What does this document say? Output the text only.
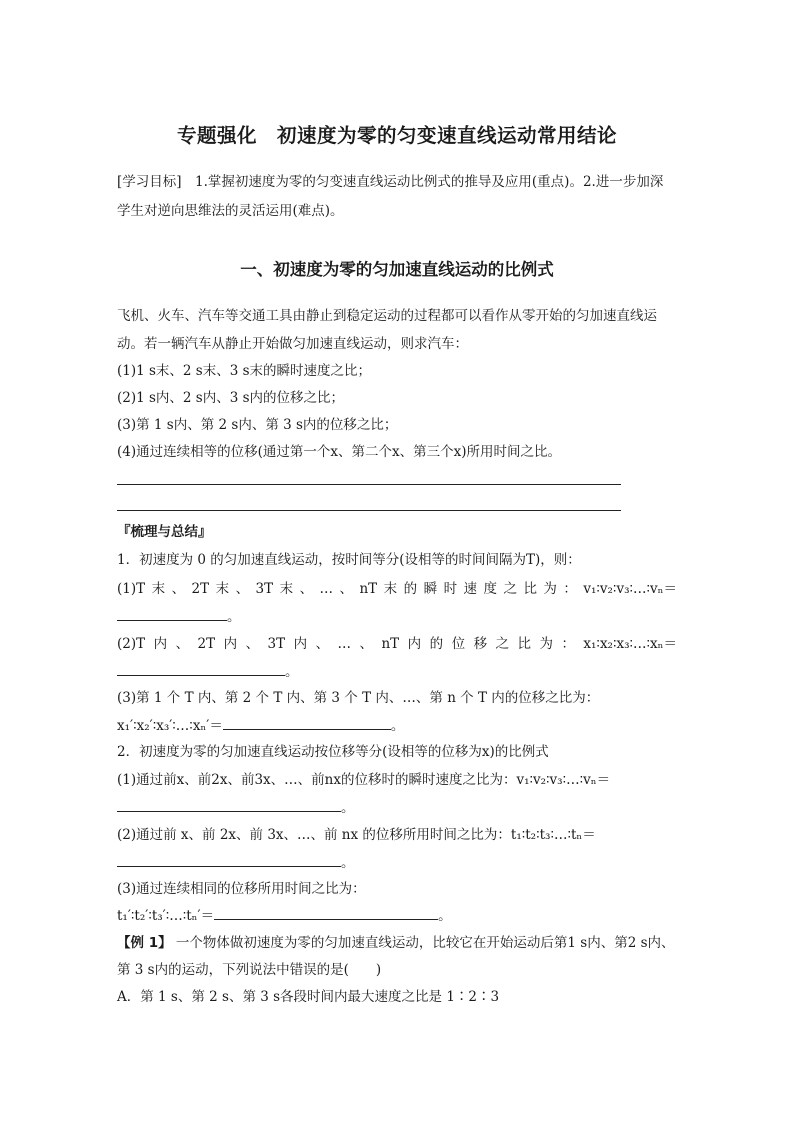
专题强化　初速度为零的匀变速直线运动常用结论
[学习目标]　1.掌握初速度为零的匀变速直线运动比例式的推导及应用(重点)。2.进一步加深
学生对逆向思维法的灵活运用(难点)。
一、初速度为零的匀加速直线运动的比例式
飞机、火车、汽车等交通工具由静止到稳定运动的过程都可以看作从零开始的匀加速直线运
动。若一辆汽车从静止开始做匀加速直线运动，则求汽车：
(1)1 s末、2 s末、3 s末的瞬时速度之比；
(2)1 s内、2 s内、3 s内的位移之比；
(3)第 1 s内、第 2 s内、第 3 s内的位移之比；
(4)通过连续相等的位移(通过第一个x、第二个x、第三个x)所用时间之比。
『梳理与总结』
1．初速度为 0 的匀加速直线运动，按时间等分(设相等的时间间隔为T)，则：
(1)T 末 、 2T 末 、 3T 末 、 … 、 nT 末 的 瞬 时 速 度 之 比 为 ： v₁∶v₂∶v₃∶…∶vₙ＝
。
(2)T 内 、 2T 内 、 3T 内 、 … 、 nT 内 的 位 移 之 比 为 ： x₁∶x₂∶x₃∶…∶xₙ＝
。
(3)第 1 个 T 内、第 2 个 T 内、第 3 个 T 内、…、第 n 个 T 内的位移之比为：
x₁′∶x₂′∶x₃′∶…∶xₙ′＝	。
2．初速度为零的匀加速直线运动按位移等分(设相等的位移为x)的比例式
(1)通过前x、前2x、前3x、…、前nx的位移时的瞬时速度之比为：v₁∶v₂∶v₃∶…∶vₙ＝
。
(2)通过前 x、前 2x、前 3x、…、前 nx 的位移所用时间之比为：t₁∶t₂∶t₃∶…∶tₙ＝
。
(3)通过连续相同的位移所用时间之比为：
t₁′∶t₂′∶t₃′∶…∶tₙ′＝	。
【例 1】 一个物体做初速度为零的匀加速直线运动，比较它在开始运动后第1 s内、第2 s内、
第 3 s内的运动，下列说法中错误的是(　　)
A．第 1 s、第 2 s、第 3 s各段时间内最大速度之比是 1∶2∶3
